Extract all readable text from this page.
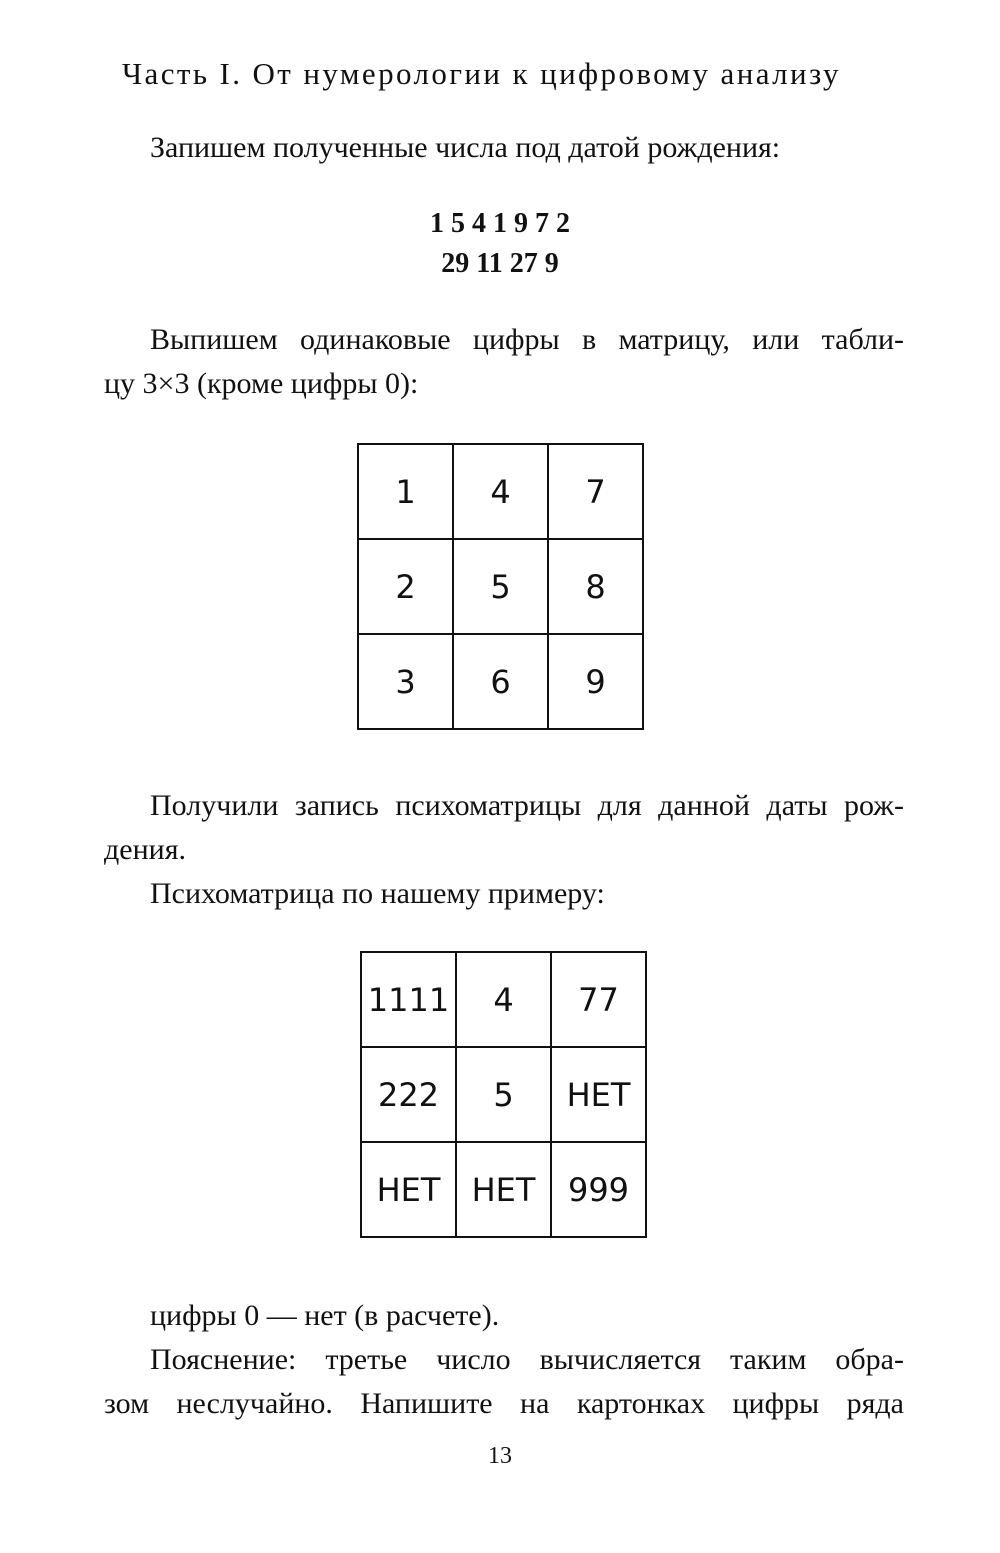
Часть I. От нумерологии к цифровому анализу

Запишем полученные числа под датой рождения:

1 5 4 1 9 7 2
29 11 27 9

Выпишем одинаковые цифры в матрицу, или табли-
цу 3×3 (кроме цифры 0):

1	4	7
2	5	8
3	6	9

Получили запись психоматрицы для данной даты рож-
дения.
Психоматрица по нашему примеру:

1111	4	77
222	5	НЕТ
НЕТ	НЕТ	999

цифры 0 — нет (в расчете).
Пояснение: третье число вычисляется таким обра-
зом неслучайно. Напишите на картонках цифры ряда

13
